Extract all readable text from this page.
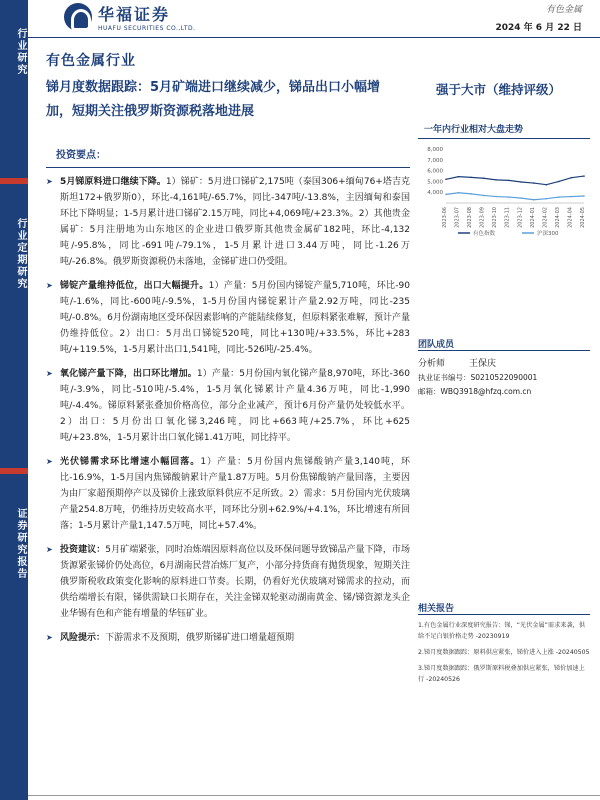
行业研究
行业定期研究
证券研究报告
华福证券
HUAFU SECURITIES CO.,LTD.
有色金属
2024 年 6 月 22 日
有色金属行业
锑月度数据跟踪：5月矿端进口继续减少，锑品出口小幅增加，短期关注俄罗斯资源税落地进展
强于大市（维持评级）
投资要点：
➤ 5月锑原料进口继续下降。1）锑矿：5月进口锑矿2,175吨（泰国306+缅甸76+塔吉克斯坦172+俄罗斯0），环比-4,161吨/-65.7%，同比-347吨/-13.8%，主因缅甸和泰国环比下降明显；1-5月累计进口锑矿2.15万吨，同比+4,069吨/+23.3%。2）其他贵金属矿：5月注册地为山东地区的企业进口俄罗斯其他贵金属矿182吨，环比-4,132吨/-95.8%，同比-691吨/-79.1%，1-5月累计进口3.44万吨，同比-1.26万吨/-26.8%。俄罗斯资源税仍未落地，金锑矿进口仍受阻。
➤ 锑锭产量维持低位，出口大幅提升。1）产量：5月份国内锑锭产量5,710吨，环比-90吨/-1.6%，同比-600吨/-9.5%，1-5月份国内锑锭累计产量2.92万吨，同比-235吨/-0.8%。6月份湖南地区受环保因素影响的产能陆续修复，但原料紧张难解，预计产量仍维持低位。2）出口：5月出口锑锭520吨，同比+130吨/+33.5%，环比+283吨/+119.5%，1-5月累计出口1,541吨，同比-526吨/-25.4%。
➤ 氧化锑产量下降，出口环比增加。1）产量：5月份国内氧化锑产量8,970吨，环比-360吨/-3.9%，同比-510吨/-5.4%，1-5月氧化锑累计产量4.36万吨，同比-1,990吨/-4.4%。锑原料紧张叠加价格高位，部分企业减产，预计6月份产量仍处较低水平。2）出口：5月份出口氧化锑3,246吨，同比+663吨/+25.7%，环比+625吨/+23.8%，1-5月累计出口氧化锑1.41万吨，同比持平。
➤ 光伏锑需求环比增速小幅回落。1）产量：5月份国内焦锑酸钠产量3,140吨，环比-16.9%，1-5月国内焦锑酸钠累计产量1.87万吨。5月份焦锑酸钠产量回落，主要因为由厂家超预期停产以及锑价上涨致原料供应不足所致。2）需求：5月份国内光伏玻璃产量254.8万吨，仍维持历史较高水平，同环比分别+62.9%/+4.1%，环比增速有所回落；1-5月累计产量1,147.5万吨，同比+57.4%。
➤ 投资建议：5月矿端紧张，同时冶炼端因原料高位以及环保问题导致锑品产量下降，市场货源紧张锑价仍处高位，6月湖南民营冶炼厂复产，小部分持货商有抛货现象，短期关注俄罗斯税收政策变化影响的原料进口节奏。长期，仍看好光伏玻璃对锑需求的拉动，而供给端增长有限，锑供需缺口长期存在，关注金锑双轮驱动湖南黄金、锑/锑资源龙头企业华锡有色和产能有增量的华钰矿业。
➤ 风险提示：下游需求不及预期，俄罗斯锑矿进口增量超预期
一年内行业相对大盘走势
8,000
7,000
6,000
5,000
4,000
2023-06 2023-07 2023-08 2023-09 2023-10 2023-11 2023-12 2024-01 2024-02 2024-03 2024-04 2024-05
有色指数	沪深300
团队成员
分析师	王保庆
执业证书编号：S0210522090001
邮箱：WBQ3918@hfzq.com.cn
相关报告
1.有色金属行业深度研究报告：锑，“光伏金属”需求来袭，供给不足白银价格走势 -20230919
2.锑月度数据跟踪：原料供应紧张，锑价进入上涨 -20240505
3.锑月度数据跟踪：俄罗斯原料税叠加供应紧张，锑价加速上行 -20240526
